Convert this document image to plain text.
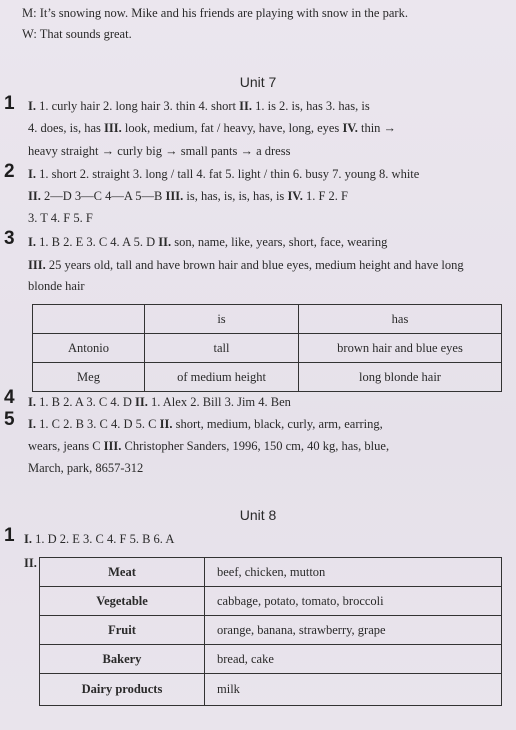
M: It’s snowing now. Mike and his friends are playing with snow in the park.
W: That sounds great.
Unit 7
1 I. 1. curly hair 2. long hair 3. thin 4. short II. 1. is 2. is, has 3. has, is
4. does, is, has III. look, medium, fat / heavy, have, long, eyes IV. thin →
heavy straight → curly big → small pants → a dress
2 I. 1. short 2. straight 3. long / tall 4. fat 5. light / thin 6. busy 7. young 8. white
II. 2—D 3—C 4—A 5—B III. is, has, is, is, has, is IV. 1. F 2. F
3. T 4. F 5. F
3 I. 1. B 2. E 3. C 4. A 5. D II. son, name, like, years, short, face, wearing
III. 25 years old, tall and have brown hair and blue eyes, medium height and have long
blonde hair
	is	has
Antonio	tall	brown hair and blue eyes
Meg	of medium height	long blonde hair
4 I. 1. B 2. A 3. C 4. D II. 1. Alex 2. Bill 3. Jim 4. Ben
5 I. 1. C 2. B 3. C 4. D 5. C II. short, medium, black, curly, arm, earring,
wears, jeans C III. Christopher Sanders, 1996, 150 cm, 40 kg, has, blue,
March, park, 8657-312
Unit 8
1 I. 1. D 2. E 3. C 4. F 5. B 6. A
II.
Meat	beef, chicken, mutton
Vegetable	cabbage, potato, tomato, broccoli
Fruit	orange, banana, strawberry, grape
Bakery	bread, cake
Dairy products	milk
